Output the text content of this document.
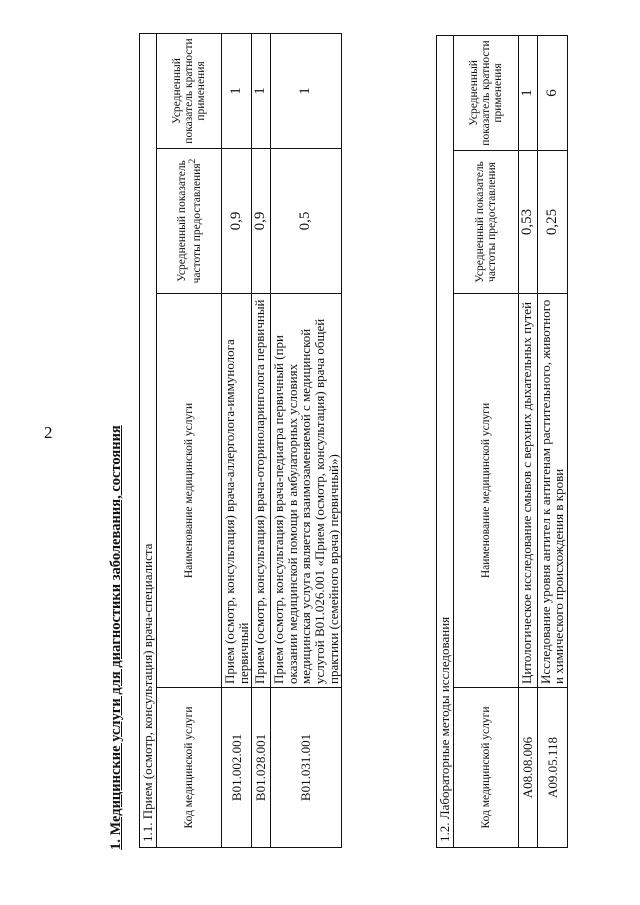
2	1. Медицинские услуги для диагностики заболевания, состояния 1.1. Прием (осмотр, консультация) врача-специалиста			
Код медицинской услуги	Наименование медицинской услуги	Усредненный показатель частоты предоставления$^2$	Усредненный показатель кратности применения
B01.002.001	Прием (осмотр, консультация) врача-аллерголога-иммунолога первичный	0,9	1
B01.028.001	Прием (осмотр, консультация) врача-оториноларинголога первичный	0,9	1
B01.031.001	Прием (осмотр, консультация) врача-педиатра первичный (при оказании медицинской помощи в амбулаторных условиях медицинская услуга является взаимозаменяемой с медицинской услугой B01.026.001 «Прием (осмотр, консультация) врача общей практики (семейного врача) первичный»)	0,5	1
1.2. Лабораторные методы исследования			
Код медицинской услуги	Наименование медицинской услуги	Усредненный показатель частоты предоставления	Усредненный показатель кратности применения
A08.08.006	Цитологическое исследование смывов с верхних дыхательных путей	0,53	1
A09.05.118	Исследование уровня антител к антигенам растительного, животного и химического происхождения в крови	0,25	6
